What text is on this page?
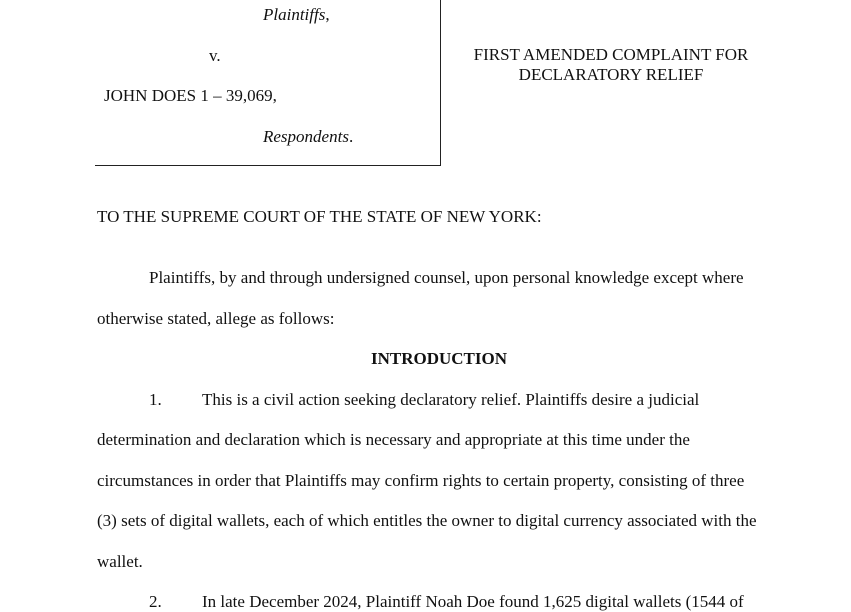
Plaintiffs,
v.
JOHN DOES 1 – 39,069,
Respondents.
FIRST AMENDED COMPLAINT FOR
DECLARATORY RELIEF
TO THE SUPREME COURT OF THE STATE OF NEW YORK:
Plaintiffs, by and through undersigned counsel, upon personal knowledge except where
otherwise stated, allege as follows:
INTRODUCTION
1. This is a civil action seeking declaratory relief. Plaintiffs desire a judicial
determination and declaration which is necessary and appropriate at this time under the
circumstances in order that Plaintiffs may confirm rights to certain property, consisting of three
(3) sets of digital wallets, each of which entitles the owner to digital currency associated with the
wallet.
2. In late December 2024, Plaintiff Noah Doe found 1,625 digital wallets (1544 of
